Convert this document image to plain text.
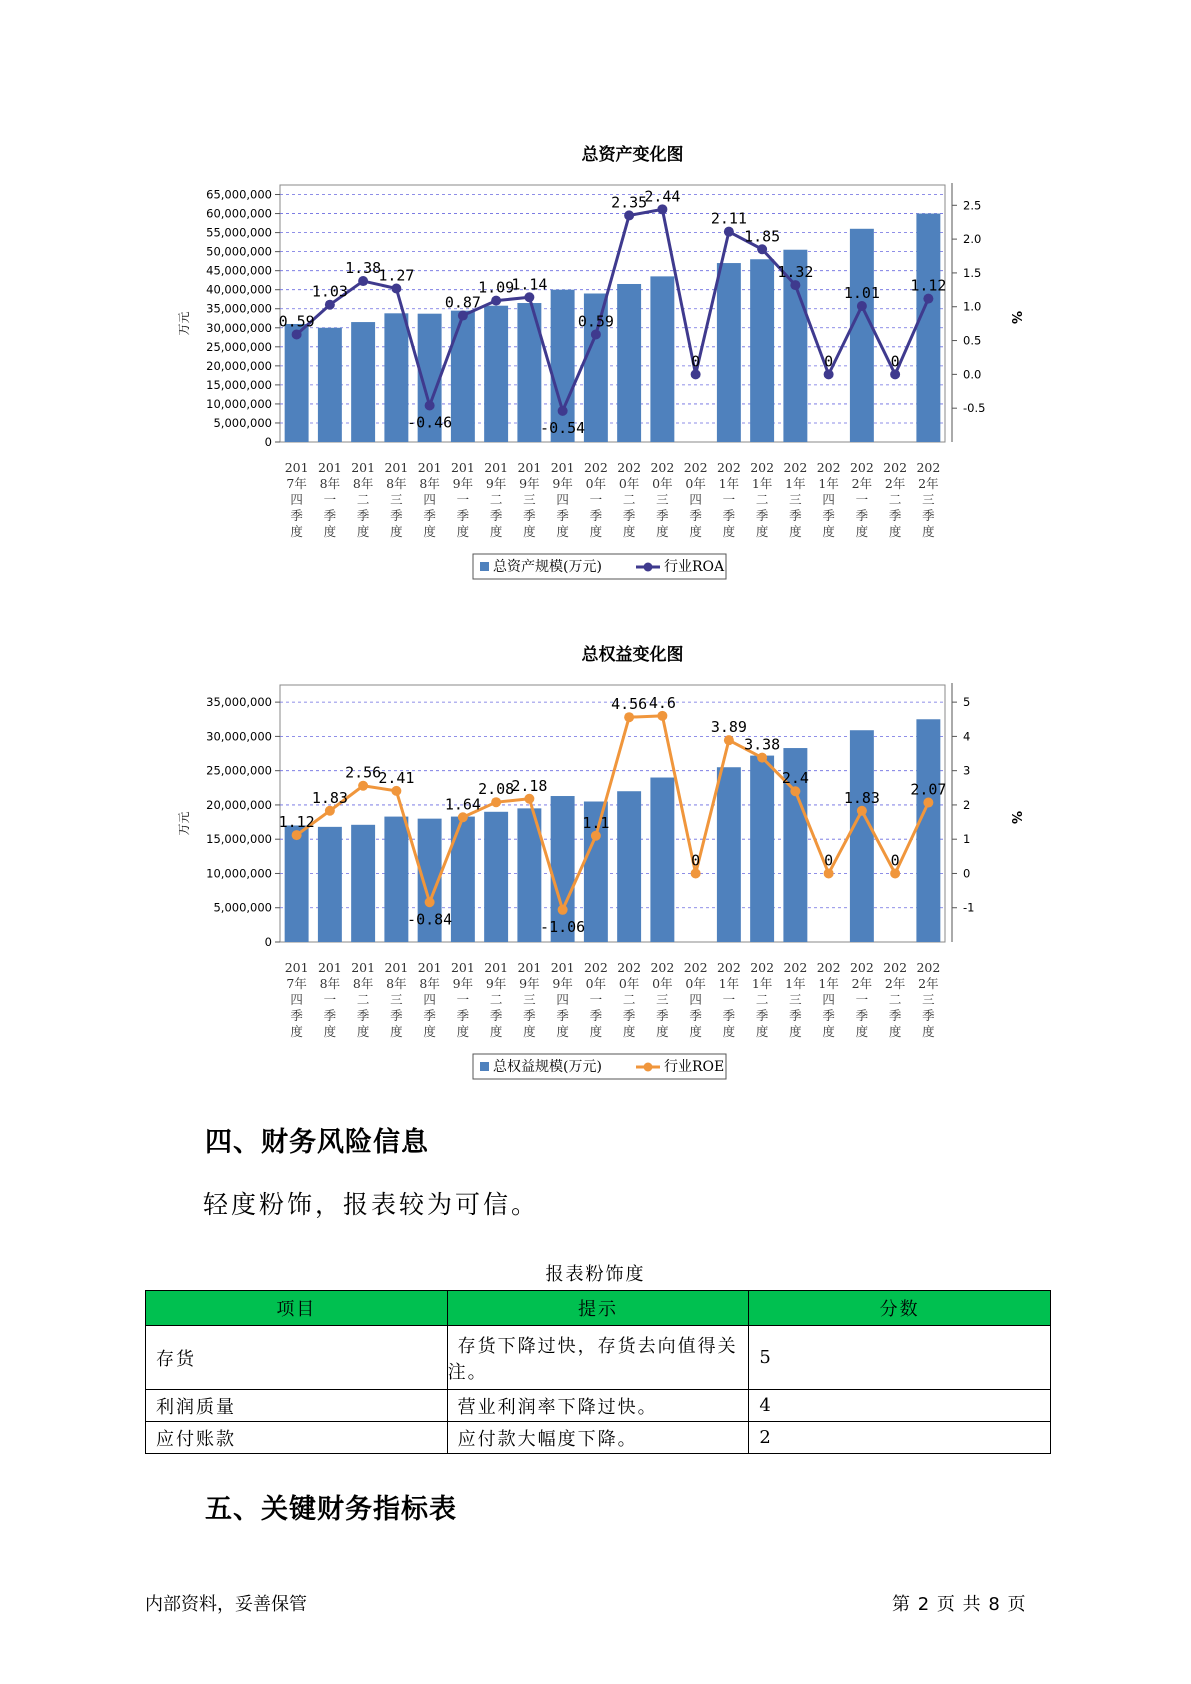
总资产变化图
0
5,000,000
10,000,000
15,000,000
20,000,000
25,000,000
30,000,000
35,000,000
40,000,000
45,000,000
50,000,000
55,000,000
60,000,000
65,000,000
万元
-0.5
0.0
0.5
1.0
1.5
2.0
2.5
%
0.59
1.03
1.38
1.27
-0.46
0.87
1.09
1.14
-0.54
0.59
2.35
2.44
0
2.11
1.85
1.32
0
1.01
0
1.12
201
7年
四
季
度
201
8年
一
季
度
201
8年
二
季
度
201
8年
三
季
度
201
8年
四
季
度
201
9年
一
季
度
201
9年
二
季
度
201
9年
三
季
度
201
9年
四
季
度
202
0年
一
季
度
202
0年
二
季
度
202
0年
三
季
度
202
0年
四
季
度
202
1年
一
季
度
202
1年
二
季
度
202
1年
三
季
度
202
1年
四
季
度
202
2年
一
季
度
202
2年
二
季
度
202
2年
三
季
度
总资产规模(万元)	行业ROA
总权益变化图
0
5,000,000
10,000,000
15,000,000
20,000,000
25,000,000
30,000,000
35,000,000
万元
-1
0
1
2
3
4
5
%
1.12
1.83
2.56
2.41
-0.84
1.64
2.08
2.18
-1.06
1.1
4.56 4.6
0
3.89
3.38
2.4
0
1.83
0
2.07
201
7年
四
季
度
201
8年
一
季
度
201
8年
二
季
度
201
8年
三
季
度
201
8年
四
季
度
201
9年
一
季
度
201
9年
二
季
度
201
9年
三
季
度
201
9年
四
季
度
202
0年
一
季
度
202
0年
二
季
度
202
0年
三
季
度
202
0年
四
季
度
202
1年
一
季
度
202
1年
二
季
度
202
1年
三
季
度
202
1年
四
季
度
202
2年
一
季
度
202
2年
二
季
度
202
2年
三
季
度
总权益规模(万元)	行业ROE
四、财务风险信息
轻度粉饰，报表较为可信。
报表粉饰度
项目	提示	分数
存货	存货下降过快，存货去向值得关
注。	5
利润质量	营业利润率下降过快。	4
应付账款	应付款大幅度下降。	2
五、关键财务指标表
内部资料，妥善保管	第 2 页 共 8 页
